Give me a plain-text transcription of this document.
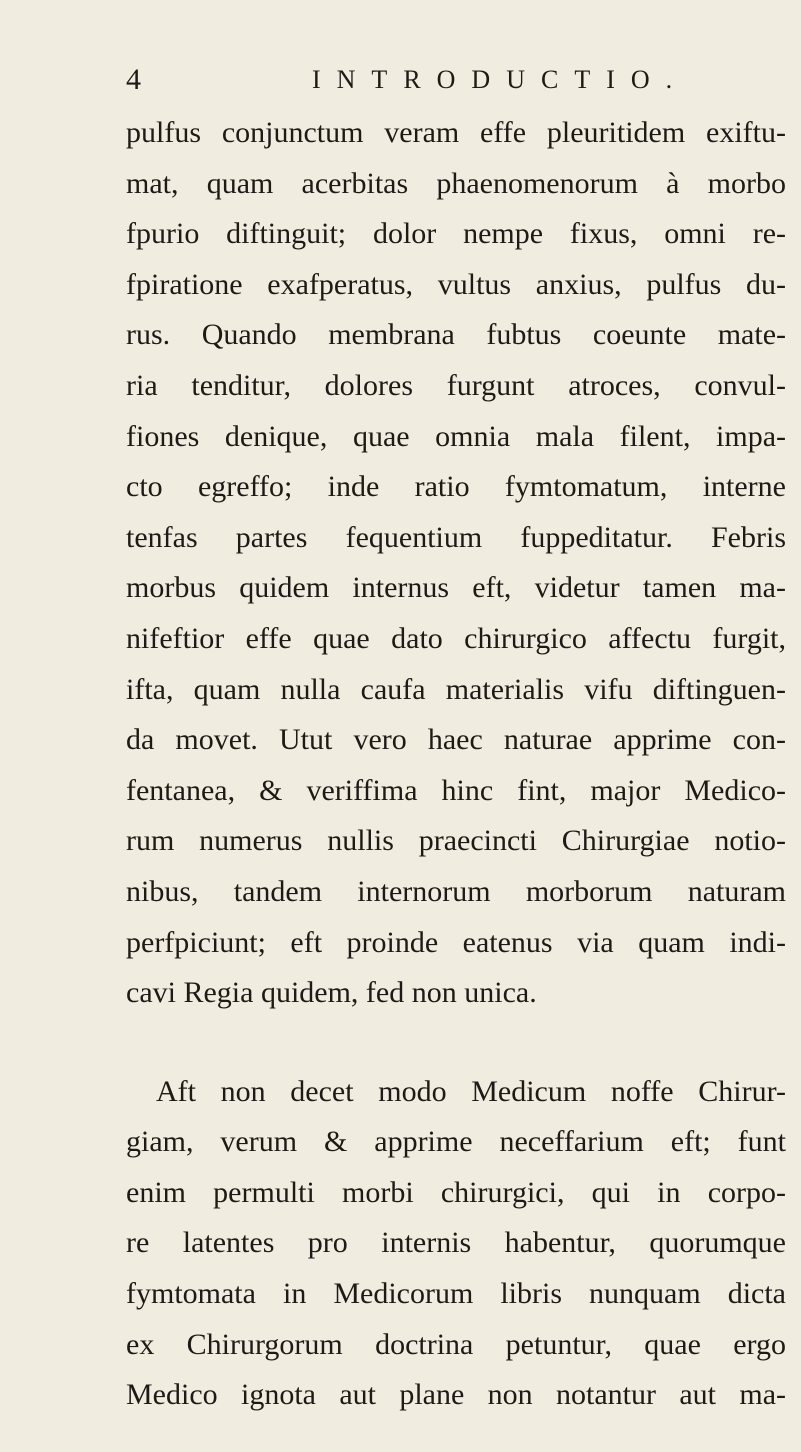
4	INTRODUCTIO.
pulfus conjunctum veram effe pleuritidem exiftu-
mat, quam acerbitas phaenomenorum à morbo
fpurio diftinguit; dolor nempe fixus, omni re-
fpiratione exafperatus, vultus anxius, pulfus du-
rus. Quando membrana fubtus coeunte mate-
ria tenditur, dolores furgunt atroces, convul-
fiones denique, quae omnia mala filent, impa-
cto egreffo; inde ratio fymtomatum, interne
tenfas partes fequentium fuppeditatur. Febris
morbus quidem internus eft, videtur tamen ma-
nifeftior effe quae dato chirurgico affectu furgit,
ifta, quam nulla caufa materialis vifu diftinguen-
da movet. Utut vero haec naturae apprime con-
fentanea, & veriffima hinc fint, major Medico-
rum numerus nullis praecincti Chirurgiae notio-
nibus, tandem internorum morborum naturam
perfpiciunt; eft proinde eatenus via quam indi-
cavi Regia quidem, fed non unica.
Aft non decet modo Medicum noffe Chirur-
giam, verum & apprime neceffarium eft; funt
enim permulti morbi chirurgici, qui in corpo-
re latentes pro internis habentur, quorumque
fymtomata in Medicorum libris nunquam dicta
ex Chirurgorum doctrina petuntur, quae ergo
Medico ignota aut plane non notantur aut ma-
